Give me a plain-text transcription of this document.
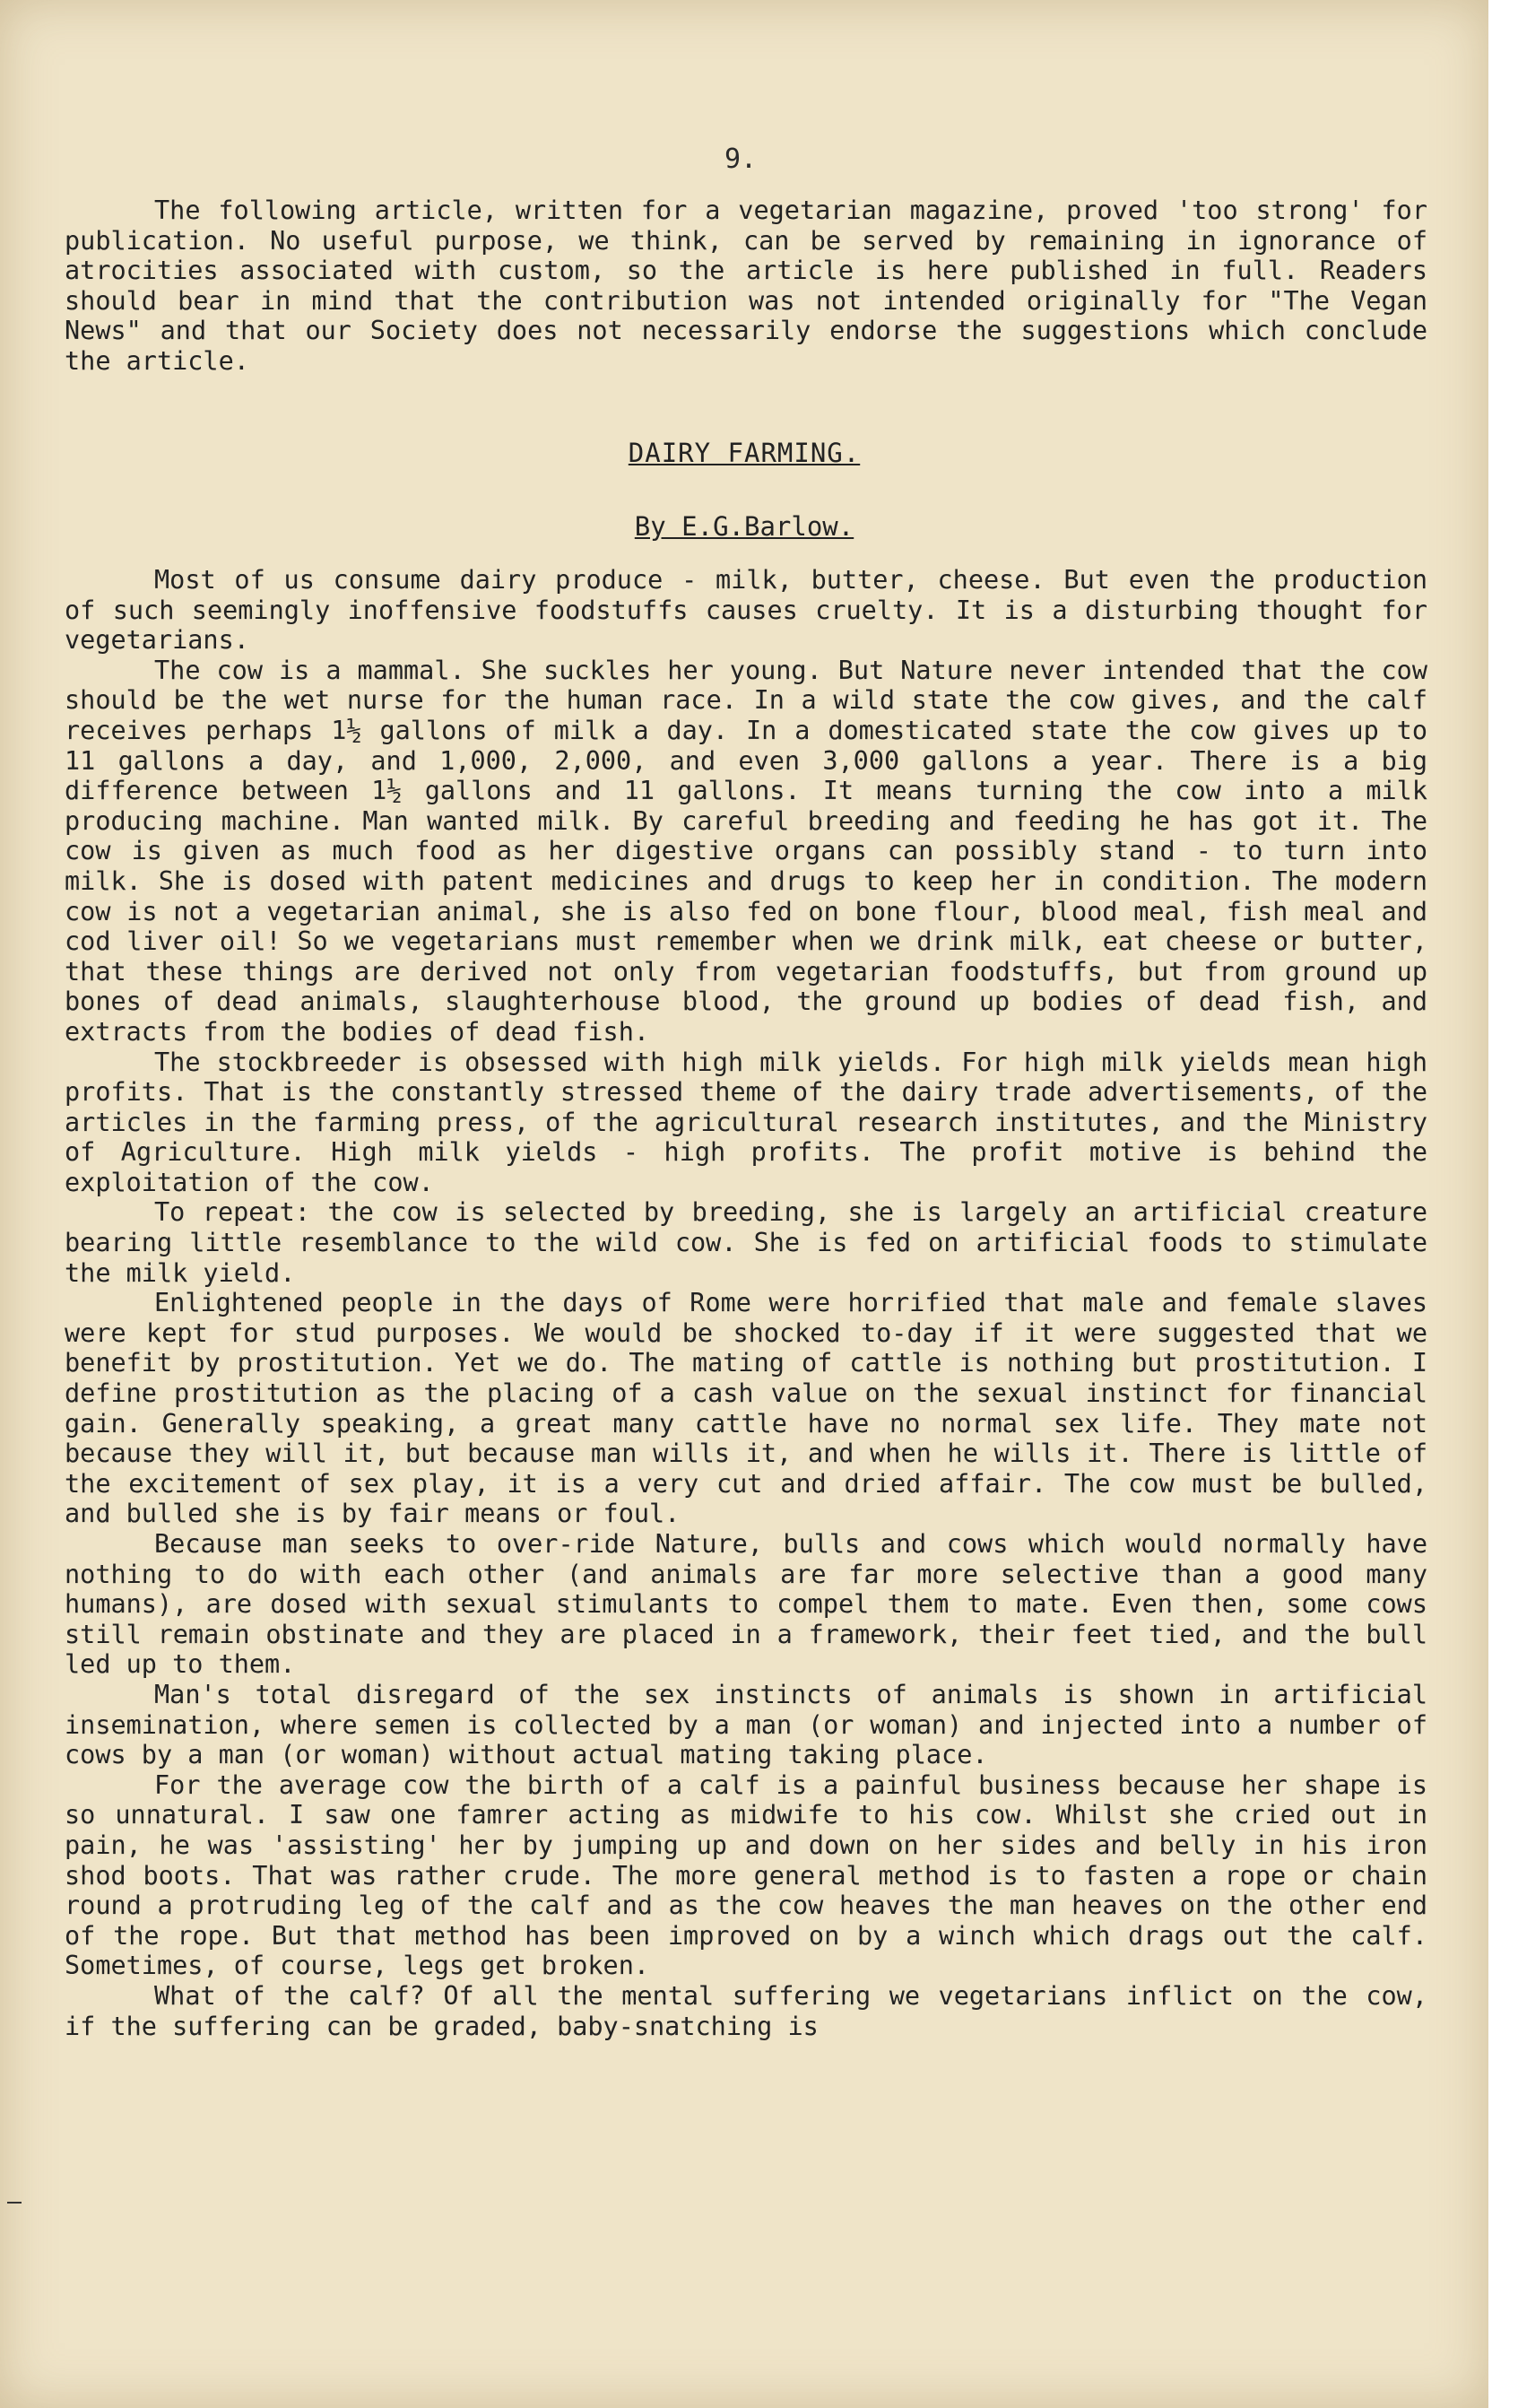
9.

The following article, written for a vegetarian magazine, proved 'too strong' for publication. No useful purpose, we think, can be served by remaining in ignorance of atrocities associated with custom, so the article is here published in full. Readers should bear in mind that the contribution was not intended originally for "The Vegan News" and that our Society does not necessarily endorse the suggestions which conclude the article.

DAIRY FARMING.
By E.G.Barlow.

Most of us consume dairy produce - milk, butter, cheese. But even the production of such seemingly inoffensive foodstuffs causes cruelty. It is a disturbing thought for vegetarians.

The cow is a mammal. She suckles her young. But Nature never intended that the cow should be the wet nurse for the human race. In a wild state the cow gives, and the calf receives perhaps 1½ gallons of milk a day. In a domesticated state the cow gives up to 11 gallons a day, and 1,000, 2,000, and even 3,000 gallons a year. There is a big difference between 1½ gallons and 11 gallons. It means turning the cow into a milk producing machine. Man wanted milk. By careful breeding and feeding he has got it. The cow is given as much food as her digestive organs can possibly stand - to turn into milk. She is dosed with patent medicines and drugs to keep her in condition. The modern cow is not a vegetarian animal, she is also fed on bone flour, blood meal, fish meal and cod liver oil! So we vegetarians must remember when we drink milk, eat cheese or butter, that these things are derived not only from vegetarian foodstuffs, but from ground up bones of dead animals, slaughterhouse blood, the ground up bodies of dead fish, and extracts from the bodies of dead fish.

The stockbreeder is obsessed with high milk yields. For high milk yields mean high profits. That is the constantly stressed theme of the dairy trade advertisements, of the articles in the farming press, of the agricultural research institutes, and the Ministry of Agriculture. High milk yields - high profits. The profit motive is behind the exploitation of the cow.

To repeat: the cow is selected by breeding, she is largely an artificial creature bearing little resemblance to the wild cow. She is fed on artificial foods to stimulate the milk yield.

Enlightened people in the days of Rome were horrified that male and female slaves were kept for stud purposes. We would be shocked to-day if it were suggested that we benefit by prostitution. Yet we do. The mating of cattle is nothing but prostitution. I define prostitution as the placing of a cash value on the sexual instinct for financial gain. Generally speaking, a great many cattle have no normal sex life. They mate not because they will it, but because man wills it, and when he wills it. There is little of the excitement of sex play, it is a very cut and dried affair. The cow must be bulled, and bulled she is by fair means or foul.

Because man seeks to over-ride Nature, bulls and cows which would normally have nothing to do with each other (and animals are far more selective than a good many humans), are dosed with sexual stimulants to compel them to mate. Even then, some cows still remain obstinate and they are placed in a framework, their feet tied, and the bull led up to them.

Man's total disregard of the sex instincts of animals is shown in artificial insemination, where semen is collected by a man (or woman) and injected into a number of cows by a man (or woman) without actual mating taking place.

For the average cow the birth of a calf is a painful business because her shape is so unnatural. I saw one famrer acting as midwife to his cow. Whilst she cried out in pain, he was 'assisting' her by jumping up and down on her sides and belly in his iron shod boots. That was rather crude. The more general method is to fasten a rope or chain round a protruding leg of the calf and as the cow heaves the man heaves on the other end of the rope. But that method has been improved on by a winch which drags out the calf. Sometimes, of course, legs get broken.

What of the calf? Of all the mental suffering we vegetarians inflict on the cow, if the suffering can be graded, baby-snatching is
